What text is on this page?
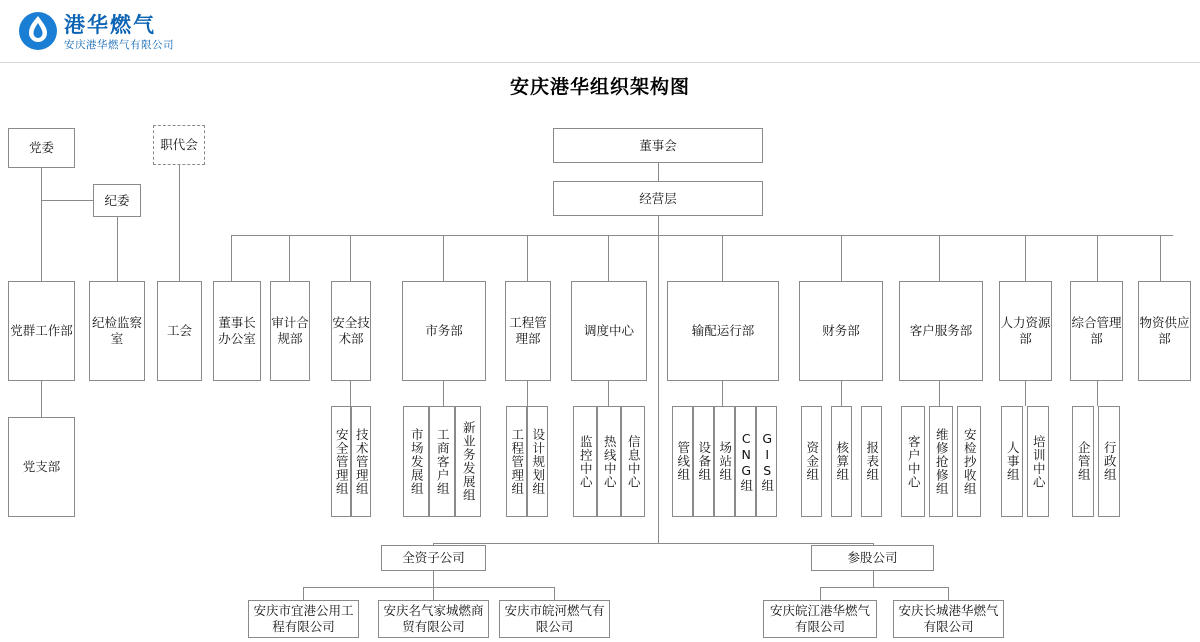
港华燃气
安庆港华燃气有限公司
安庆港华组织架构图
董事会
经营层
党委
纪委
职代会
党群工作部
党支部
纪检监察室
工会
董事长办公室
审计合规部
安全技术部
市务部
工程管理部
调度中心	输配运行部	财务部	客户服务部
人力资源部
综合管理部
物资供应部
安全管理组 技术管理组	市场发展组 工商客户组 新业务发展组	工程管理组 设计规划组	监控中心 热线中心 信息中心	管线组 设备组 场站组 CNG组 GIS组 资金组 核算组 报表组	客户中心	维修抢修组	安检抄收组	人事组 培训中心	企管组 行政组
全资子公司	参股公司
安庆市宜港公用工程有限公司
安庆名气家城燃商贸有限公司
安庆市皖河燃气有限公司
安庆皖江港华燃气有限公司
安庆长城港华燃气有限公司
